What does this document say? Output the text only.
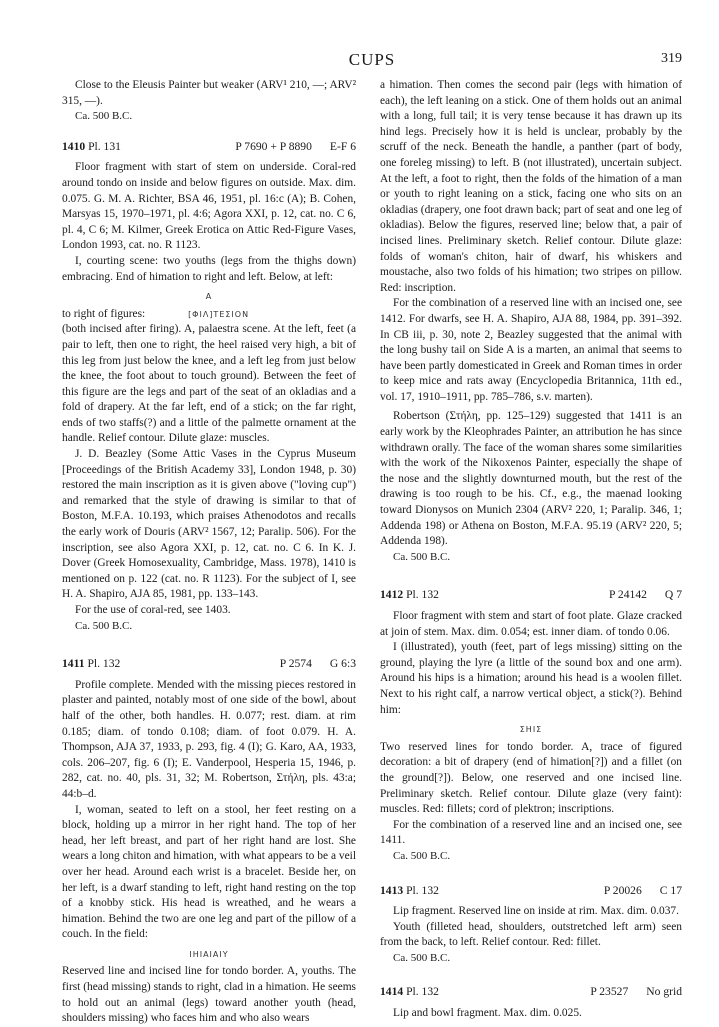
CUPS	319

Close to the Eleusis Painter but weaker (ARV¹ 210, —; ARV² 315, —).

Ca. 500 B.C.

1410 Pl. 131	P 7690 + P 8890 E-F 6

Floor fragment with start of stem on underside. Coral-red around tondo on inside and below figures on outside. Max. dim. 0.075. G. M. A. Richter, BSA 46, 1951, pl. 16:c (A); B. Cohen, Marsyas 15, 1970–1971, pl. 4:6; Agora XXI, p. 12, cat. no. C 6, pl. 4, C 6; M. Kilmer, Greek Erotica on Attic Red-Figure Vases, London 1993, cat. no. R 1123.

I, courting scene: two youths (legs from the thighs down) embracing. End of himation to right and left. Below, at left:

A

to right of figures:	[ΦΙΛ]ΤΕΣΙΟΝ

(both incised after firing). A, palaestra scene. At the left, feet (a pair to left, then one to right, the heel raised very high, a bit of this leg from just below the knee, and a left leg from just below the knee, the foot about to touch ground). Between the feet of this figure are the legs and part of the seat of an okladias and a fold of drapery. At the far left, end of a stick; on the far right, ends of two staffs(?) and a little of the palmette ornament at the handle. Relief contour. Dilute glaze: muscles.

J. D. Beazley (Some Attic Vases in the Cyprus Museum [Proceedings of the British Academy 33], London 1948, p. 30) restored the main inscription as it is given above ("loving cup") and remarked that the style of drawing is similar to that of Boston, M.F.A. 10.193, which praises Athenodotos and recalls the early work of Douris (ARV² 1567, 12; Paralip. 506). For the inscription, see also Agora XXI, p. 12, cat. no. C 6. In K. J. Dover (Greek Homosexuality, Cambridge, Mass. 1978), 1410 is mentioned on p. 122 (cat. no. R 1123). For the subject of I, see H. A. Shapiro, AJA 85, 1981, pp. 133–143.

For the use of coral-red, see 1403.

Ca. 500 B.C.

1411 Pl. 132	P 2574 G 6:3

Profile complete. Mended with the missing pieces restored in plaster and painted, notably most of one side of the bowl, about half of the other, both handles. H. 0.077; rest. diam. at rim 0.185; diam. of tondo 0.108; diam. of foot 0.079. H. A. Thompson, AJA 37, 1933, p. 293, fig. 4 (I); G. Karo, AA, 1933, cols. 206–207, fig. 6 (I); E. Vanderpool, Hesperia 15, 1946, p. 282, cat. no. 40, pls. 31, 32; M. Robertson, Στήλη, pls. 43:a; 44:b–d.

I, woman, seated to left on a stool, her feet resting on a block, holding up a mirror in her right hand. The top of her head, her left breast, and part of her right hand are lost. She wears a long chiton and himation, with what appears to be a veil over her head. Around each wrist is a bracelet. Beside her, on her left, is a dwarf standing to left, right hand resting on the top of a knobby stick. His head is wreathed, and he wears a himation. Behind the two are one leg and part of the pillow of a couch. In the field:

ΙΗΙΑΙΑΙΥ

Reserved line and incised line for tondo border. A, youths. The first (head missing) stands to right, clad in a himation. He seems to hold out an animal (legs) toward another youth (head, shoulders missing) who faces him and who also wears

a himation. Then comes the second pair (legs with himation of each), the left leaning on a stick. One of them holds out an animal with a long, full tail; it is very tense because it has drawn up its hind legs. Precisely how it is held is unclear, probably by the scruff of the neck. Beneath the handle, a panther (part of body, one foreleg missing) to left. B (not illustrated), uncertain subject. At the left, a foot to right, then the folds of the himation of a man or youth to right leaning on a stick, facing one who sits on an okladias (drapery, one foot drawn back; part of seat and one leg of okladias). Below the figures, reserved line; below that, a pair of incised lines. Preliminary sketch. Relief contour. Dilute glaze: folds of woman's chiton, hair of dwarf, his whiskers and moustache, also two folds of his himation; two stripes on pillow. Red: inscription.

For the combination of a reserved line with an incised one, see 1412. For dwarfs, see H. A. Shapiro, AJA 88, 1984, pp. 391–392. In CB iii, p. 30, note 2, Beazley suggested that the animal with the long bushy tail on Side A is a marten, an animal that seems to have been partly domesticated in Greek and Roman times in order to keep mice and rats away (Encyclopedia Britannica, 11th ed., vol. 17, 1910–1911, pp. 785–786, s.v. marten).

Robertson (Στήλη, pp. 125–129) suggested that 1411 is an early work by the Kleophrades Painter, an attribution he has since withdrawn orally. The face of the woman shares some similarities with the work of the Nikoxenos Painter, especially the shape of the nose and the slightly downturned mouth, but the rest of the drawing is too rough to be his. Cf., e.g., the maenad looking toward Dionysos on Munich 2304 (ARV² 220, 1; Paralip. 346, 1; Addenda 198) or Athena on Boston, M.F.A. 95.19 (ARV² 220, 5; Addenda 198).

Ca. 500 B.C.

1412 Pl. 132	P 24142 Q 7

Floor fragment with stem and start of foot plate. Glaze cracked at join of stem. Max. dim. 0.054; est. inner diam. of tondo 0.06.

I (illustrated), youth (feet, part of legs missing) sitting on the ground, playing the lyre (a little of the sound box and one arm). Around his hips is a himation; around his head is a woolen fillet. Next to his right calf, a narrow vertical object, a stick(?). Behind him:

ΣΗΙΣ

Two reserved lines for tondo border. A, trace of figured decoration: a bit of drapery (end of himation[?]) and a fillet (on the ground[?]). Below, one reserved and one incised line. Preliminary sketch. Relief contour. Dilute glaze (very faint): muscles. Red: fillets; cord of plektron; inscriptions.

For the combination of a reserved line and an incised one, see 1411.

Ca. 500 B.C.

1413 Pl. 132	P 20026 C 17

Lip fragment. Reserved line on inside at rim. Max. dim. 0.037.

Youth (filleted head, shoulders, outstretched left arm) seen from the back, to left. Relief contour. Red: fillet.

Ca. 500 B.C.

1414 Pl. 132	P 23527 No grid

Lip and bowl fragment. Max. dim. 0.025.
